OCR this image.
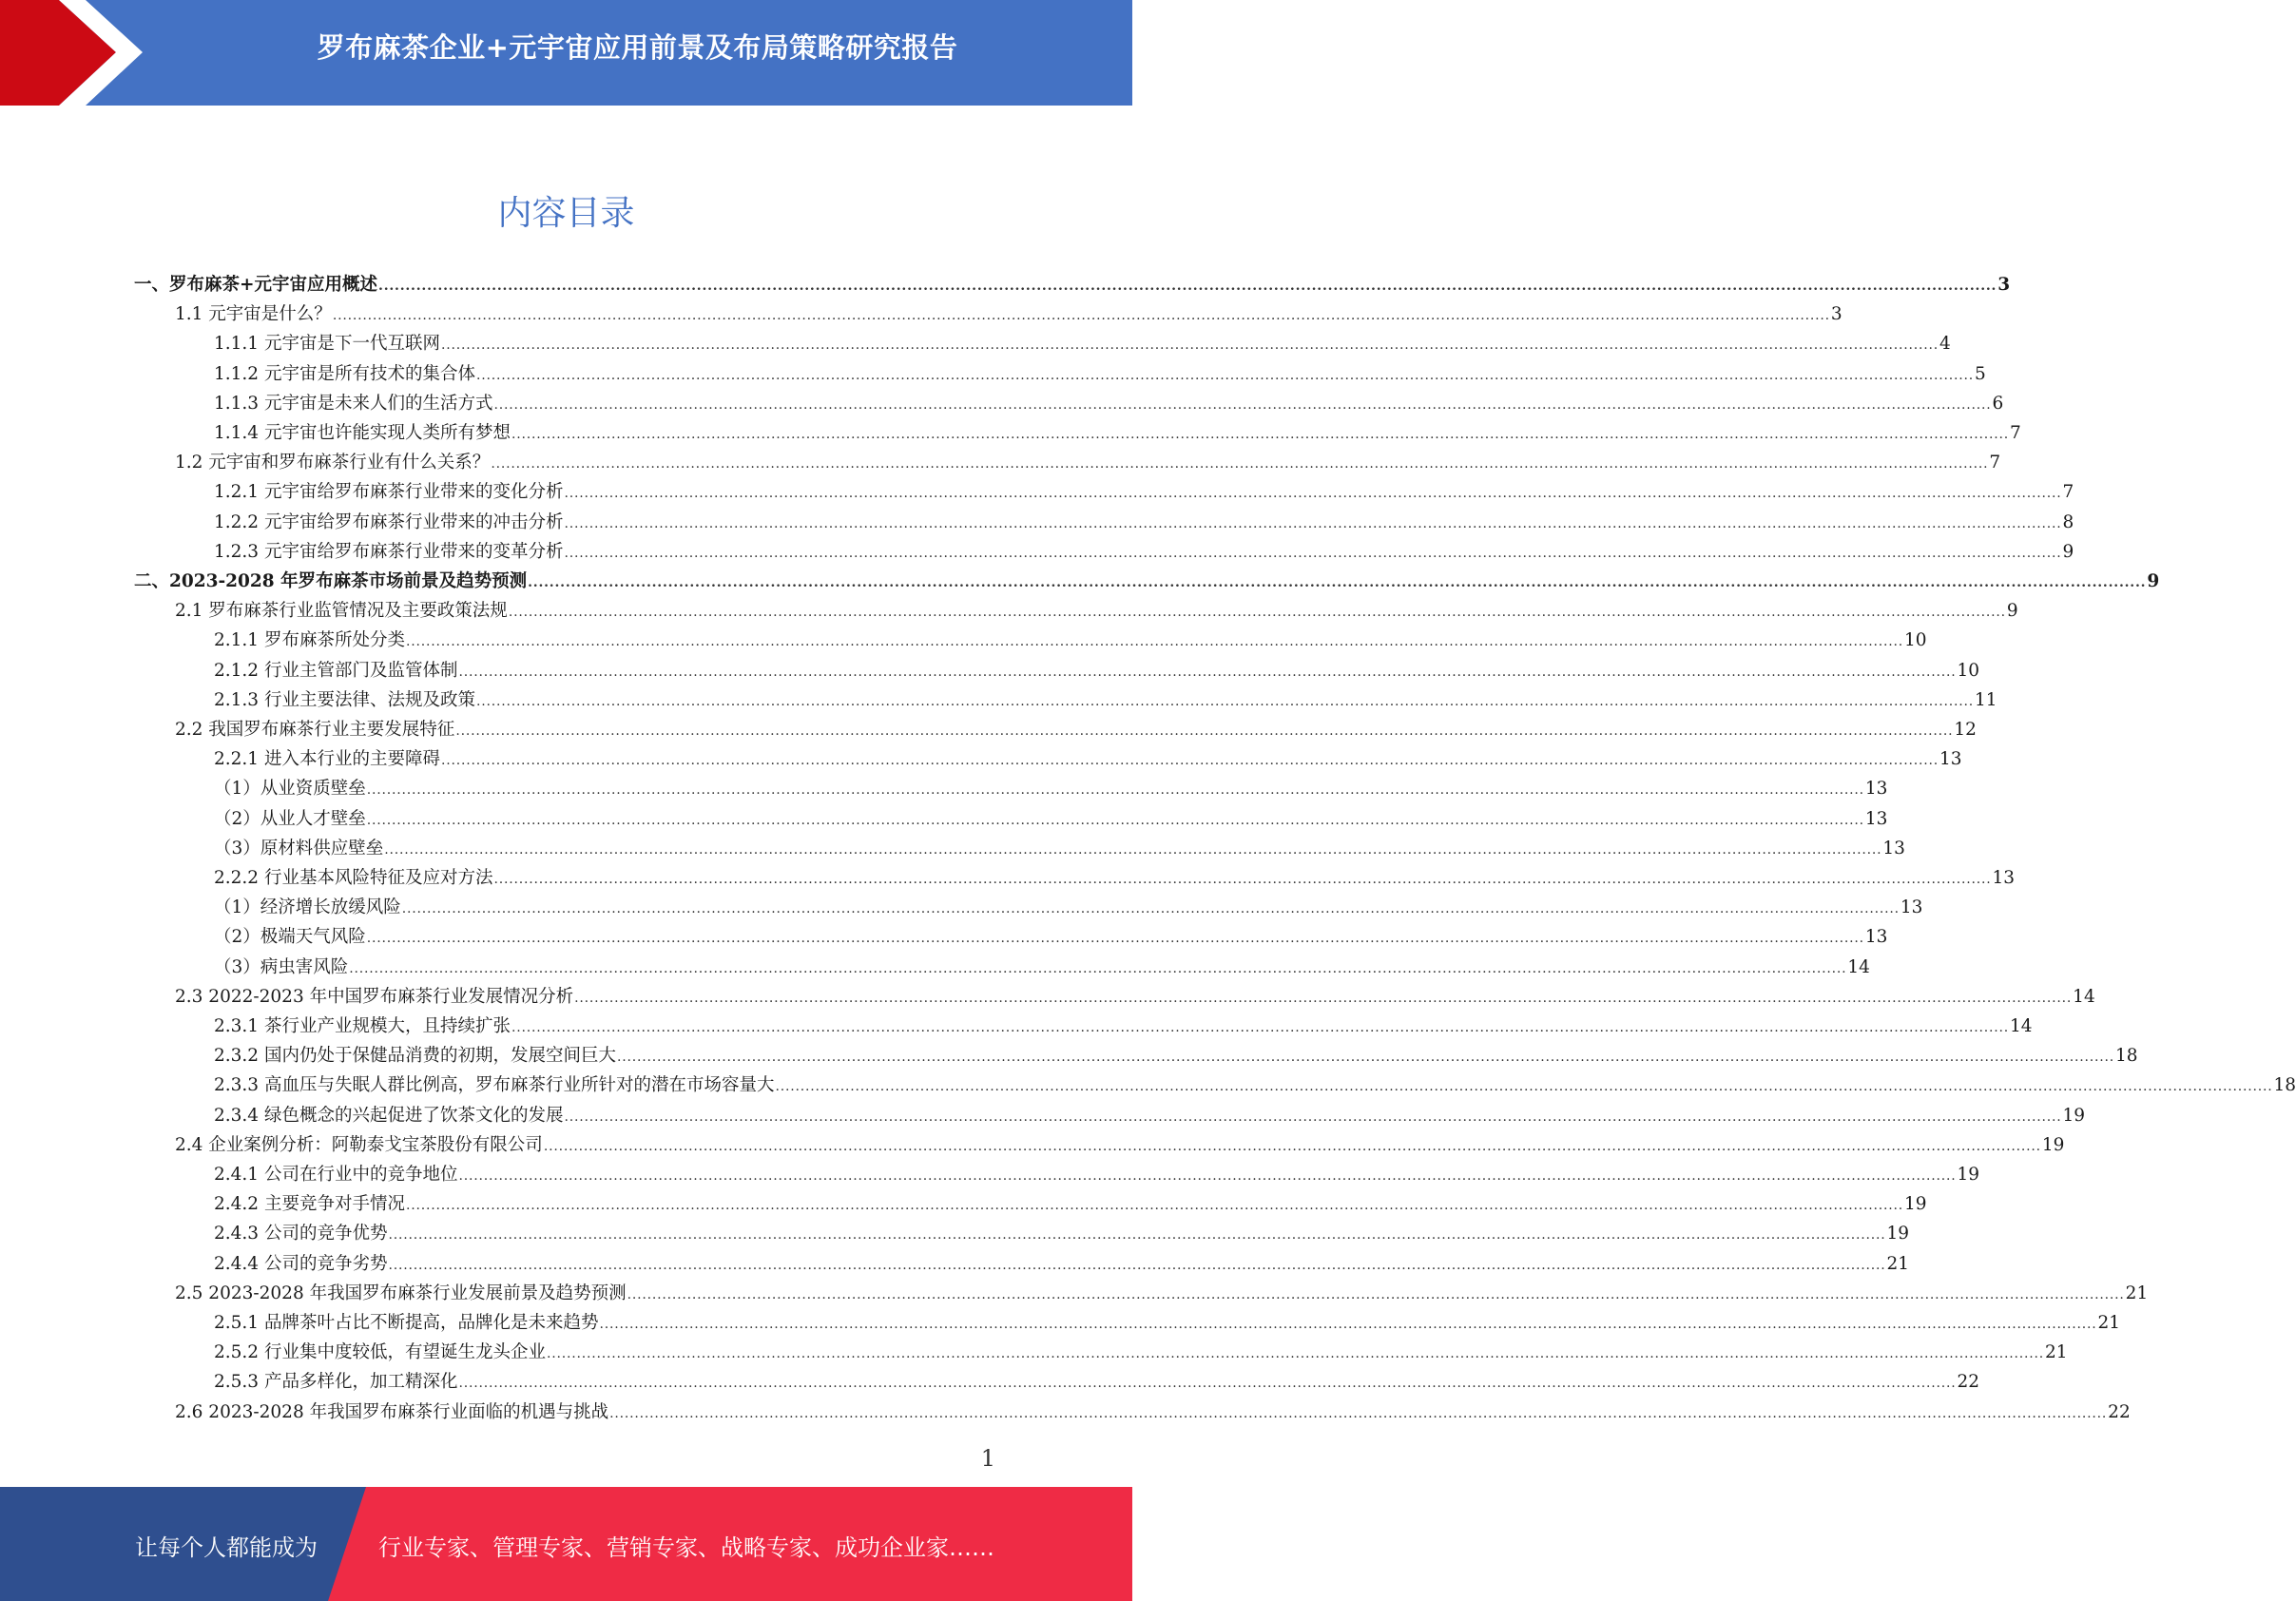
罗布麻茶企业+元宇宙应用前景及布局策略研究报告
内容目录
一、罗布麻茶+元宇宙应用概述 ............................................................................................................................................................................................................................................................................................................ 3
1.1 元宇宙是什么？ ............................................................................................................................................................................................................................................................................................................ 3
1.1.1 元宇宙是下一代互联网 ............................................................................................................................................................................................................................................................................................................ 4
1.1.2 元宇宙是所有技术的集合体 ............................................................................................................................................................................................................................................................................................................ 5
1.1.3 元宇宙是未来人们的生活方式 ............................................................................................................................................................................................................................................................................................................ 6
1.1.4 元宇宙也许能实现人类所有梦想 ............................................................................................................................................................................................................................................................................................................ 7
1.2 元宇宙和罗布麻茶行业有什么关系？ ............................................................................................................................................................................................................................................................................................................ 7
1.2.1 元宇宙给罗布麻茶行业带来的变化分析 ............................................................................................................................................................................................................................................................................................................ 7
1.2.2 元宇宙给罗布麻茶行业带来的冲击分析 ............................................................................................................................................................................................................................................................................................................ 8
1.2.3 元宇宙给罗布麻茶行业带来的变革分析 ............................................................................................................................................................................................................................................................................................................ 9
二、2023-2028 年罗布麻茶市场前景及趋势预测 ............................................................................................................................................................................................................................................................................................................ 9
2.1 罗布麻茶行业监管情况及主要政策法规 ............................................................................................................................................................................................................................................................................................................ 9
2.1.1 罗布麻茶所处分类 ............................................................................................................................................................................................................................................................................................................ 10
2.1.2 行业主管部门及监管体制 ............................................................................................................................................................................................................................................................................................................ 10
2.1.3 行业主要法律、法规及政策 ............................................................................................................................................................................................................................................................................................................ 11
2.2 我国罗布麻茶行业主要发展特征 ............................................................................................................................................................................................................................................................................................................ 12
2.2.1 进入本行业的主要障碍 ............................................................................................................................................................................................................................................................................................................ 13
（1）从业资质壁垒 ............................................................................................................................................................................................................................................................................................................ 13
（2）从业人才壁垒 ............................................................................................................................................................................................................................................................................................................ 13
（3）原材料供应壁垒 ............................................................................................................................................................................................................................................................................................................ 13
2.2.2 行业基本风险特征及应对方法 ............................................................................................................................................................................................................................................................................................................ 13
（1）经济增长放缓风险 ............................................................................................................................................................................................................................................................................................................ 13
（2）极端天气风险 ............................................................................................................................................................................................................................................................................................................ 13
（3）病虫害风险 ............................................................................................................................................................................................................................................................................................................ 14
2.3 2022-2023 年中国罗布麻茶行业发展情况分析 ............................................................................................................................................................................................................................................................................................................ 14
2.3.1 茶行业产业规模大，且持续扩张 ............................................................................................................................................................................................................................................................................................................ 14
2.3.2 国内仍处于保健品消费的初期，发展空间巨大 ............................................................................................................................................................................................................................................................................................................ 18
2.3.3 高血压与失眠人群比例高，罗布麻茶行业所针对的潜在市场容量大 ............................................................................................................................................................................................................................................................................................................ 18
2.3.4 绿色概念的兴起促进了饮茶文化的发展 ............................................................................................................................................................................................................................................................................................................ 19
2.4 企业案例分析：阿勒泰戈宝茶股份有限公司 ............................................................................................................................................................................................................................................................................................................ 19
2.4.1 公司在行业中的竞争地位 ............................................................................................................................................................................................................................................................................................................ 19
2.4.2 主要竞争对手情况 ............................................................................................................................................................................................................................................................................................................ 19
2.4.3 公司的竞争优势 ............................................................................................................................................................................................................................................................................................................ 19
2.4.4 公司的竞争劣势 ............................................................................................................................................................................................................................................................................................................ 21
2.5 2023-2028 年我国罗布麻茶行业发展前景及趋势预测 ............................................................................................................................................................................................................................................................................................................ 21
2.5.1 品牌茶叶占比不断提高，品牌化是未来趋势 ............................................................................................................................................................................................................................................................................................................ 21
2.5.2 行业集中度较低，有望诞生龙头企业 ............................................................................................................................................................................................................................................................................................................ 21
2.5.3 产品多样化，加工精深化 ............................................................................................................................................................................................................................................................................................................ 22
2.6 2023-2028 年我国罗布麻茶行业面临的机遇与挑战 ............................................................................................................................................................................................................................................................................................................ 22
1
让每个人都能成为	行业专家、管理专家、营销专家、战略专家、成功企业家……
